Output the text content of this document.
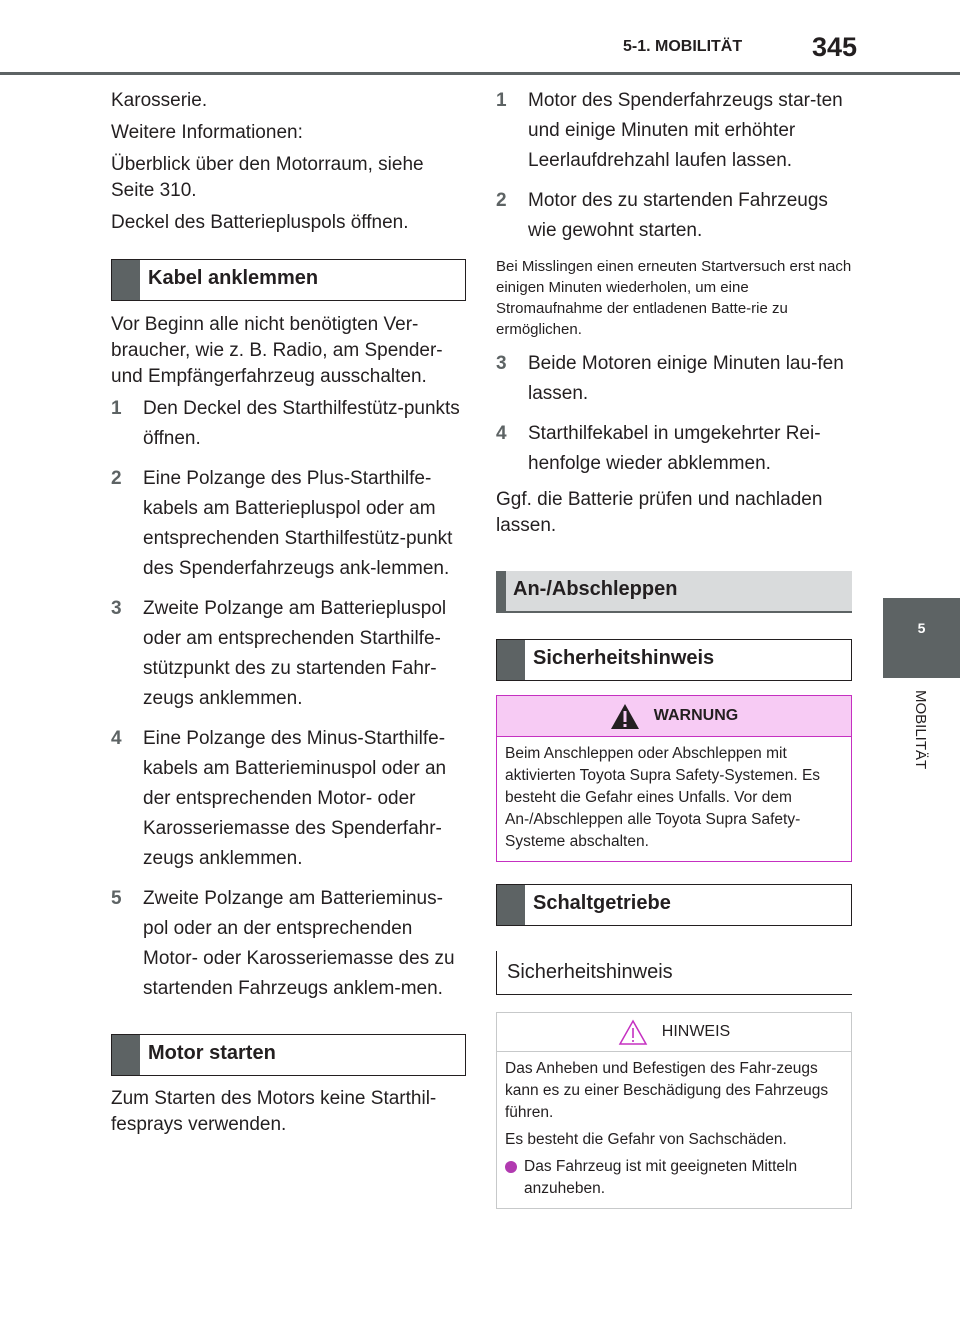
5-1. MOBILITÄT	345
5
MOBILITÄT

Karosserie.

Weitere Informationen:

Überblick über den Motorraum, siehe Seite 310.

Deckel des Batteriepluspols öffnen.

Kabel anklemmen

Vor Beginn alle nicht benötigten Ver-braucher, wie z. B. Radio, am Spender- und Empfängerfahrzeug ausschalten.

1	Den Deckel des Starthilfestütz-punkts öffnen.
2	Eine Polzange des Plus-Starthilfe-kabels am Batteriepluspol oder am entsprechenden Starthilfestütz-punkt des Spenderfahrzeugs ank-lemmen.
3	Zweite Polzange am Batteriepluspol oder am entsprechenden Starthilfe-stützpunkt des zu startenden Fahr-zeugs anklemmen.
4	Eine Polzange des Minus-Starthilfe-kabels am Batterieminuspol oder an der entsprechenden Motor- oder Karosseriemasse des Spenderfahr-zeugs anklemmen.
5	Zweite Polzange am Batterieminus-pol oder an der entsprechenden Motor- oder Karosseriemasse des zu startenden Fahrzeugs anklem-men.
Motor starten

Zum Starten des Motors keine Starthil-fesprays verwenden.

1	Motor des Spenderfahrzeugs star-ten und einige Minuten mit erhöhter Leerlaufdrehzahl laufen lassen.
2	Motor des zu startenden Fahrzeugs wie gewohnt starten.

Bei Misslingen einen erneuten Startversuch erst nach einigen Minuten wiederholen, um eine Stromaufnahme der entladenen Batte-rie zu ermöglichen.

3	Beide Motoren einige Minuten lau-fen lassen.
4	Starthilfekabel in umgekehrter Rei-henfolge wieder abklemmen.

Ggf. die Batterie prüfen und nachladen lassen.

An-/Abschleppen
Sicherheitshinweis
WARNUNG
Beim Anschleppen oder Abschleppen mit aktivierten Toyota Supra Safety-Systemen. Es besteht die Gefahr eines Unfalls. Vor dem An-/Abschleppen alle Toyota Supra Safety-Systeme abschalten.
Schaltgetriebe
Sicherheitshinweis
HINWEIS
Das Anheben und Befestigen des Fahr-zeugs kann es zu einer Beschädigung des Fahrzeugs führen.
Es besteht die Gefahr von Sachschäden.
Das Fahrzeug ist mit geeigneten Mitteln anzuheben.
